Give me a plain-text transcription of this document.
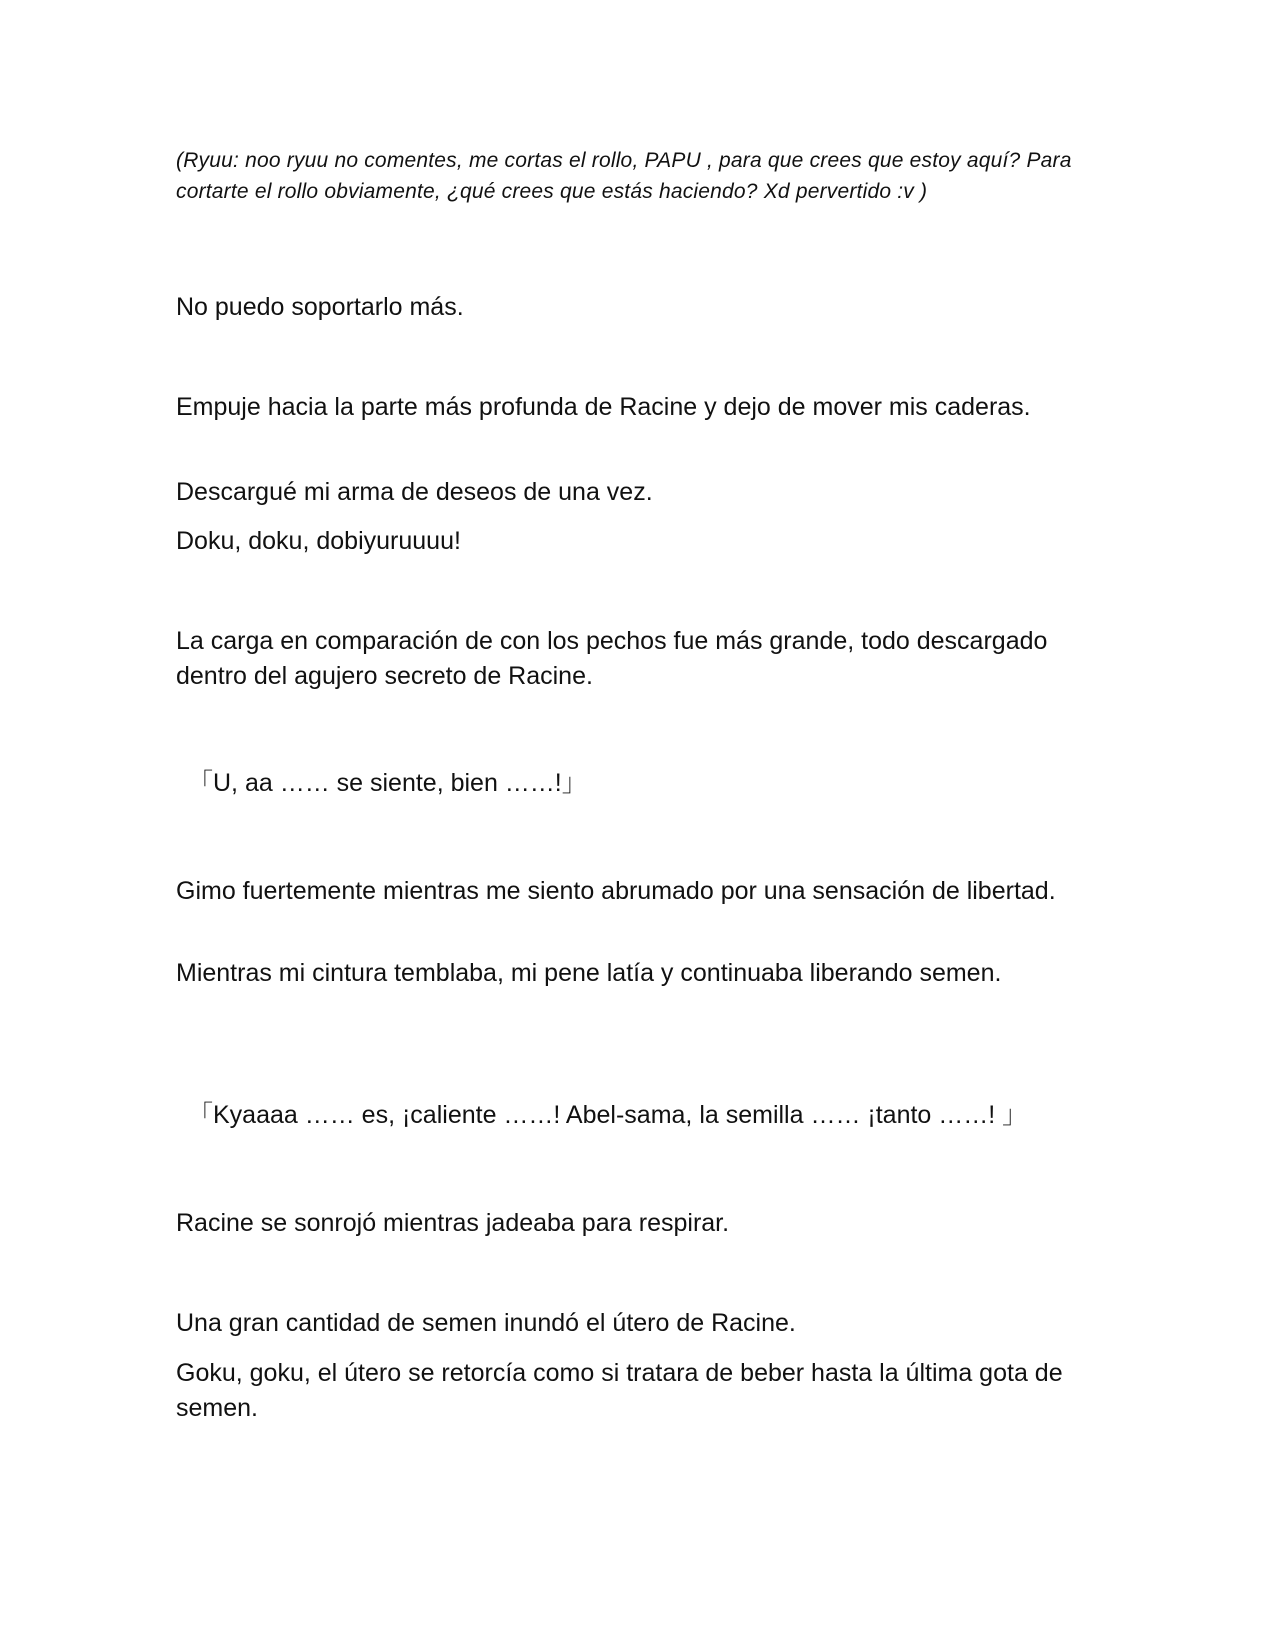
(Ryuu: noo ryuu no comentes, me cortas el rollo, PAPU , para que crees que estoy aquí? Para cortarte el rollo obviamente, ¿qué crees que estás haciendo? Xd pervertido :v )
No puedo soportarlo más.
Empuje hacia la parte más profunda de Racine y dejo de mover mis caderas.
Descargué mi arma de deseos de una vez.
Doku, doku, dobiyuruuuu!
La carga en comparación de con los pechos fue más grande, todo descargado dentro del agujero secreto de Racine.
「U, aa …… se siente, bien ……!」
Gimo fuertemente mientras me siento abrumado por una sensación de libertad.
Mientras mi cintura temblaba, mi pene latía y continuaba liberando semen.
「Kyaaaa …… es, ¡caliente ……! Abel-sama, la semilla …… ¡tanto ……! 」
Racine se sonrojó mientras jadeaba para respirar.
Una gran cantidad de semen inundó el útero de Racine.
Goku, goku, el útero se retorcía como si tratara de beber hasta la última gota de semen.
